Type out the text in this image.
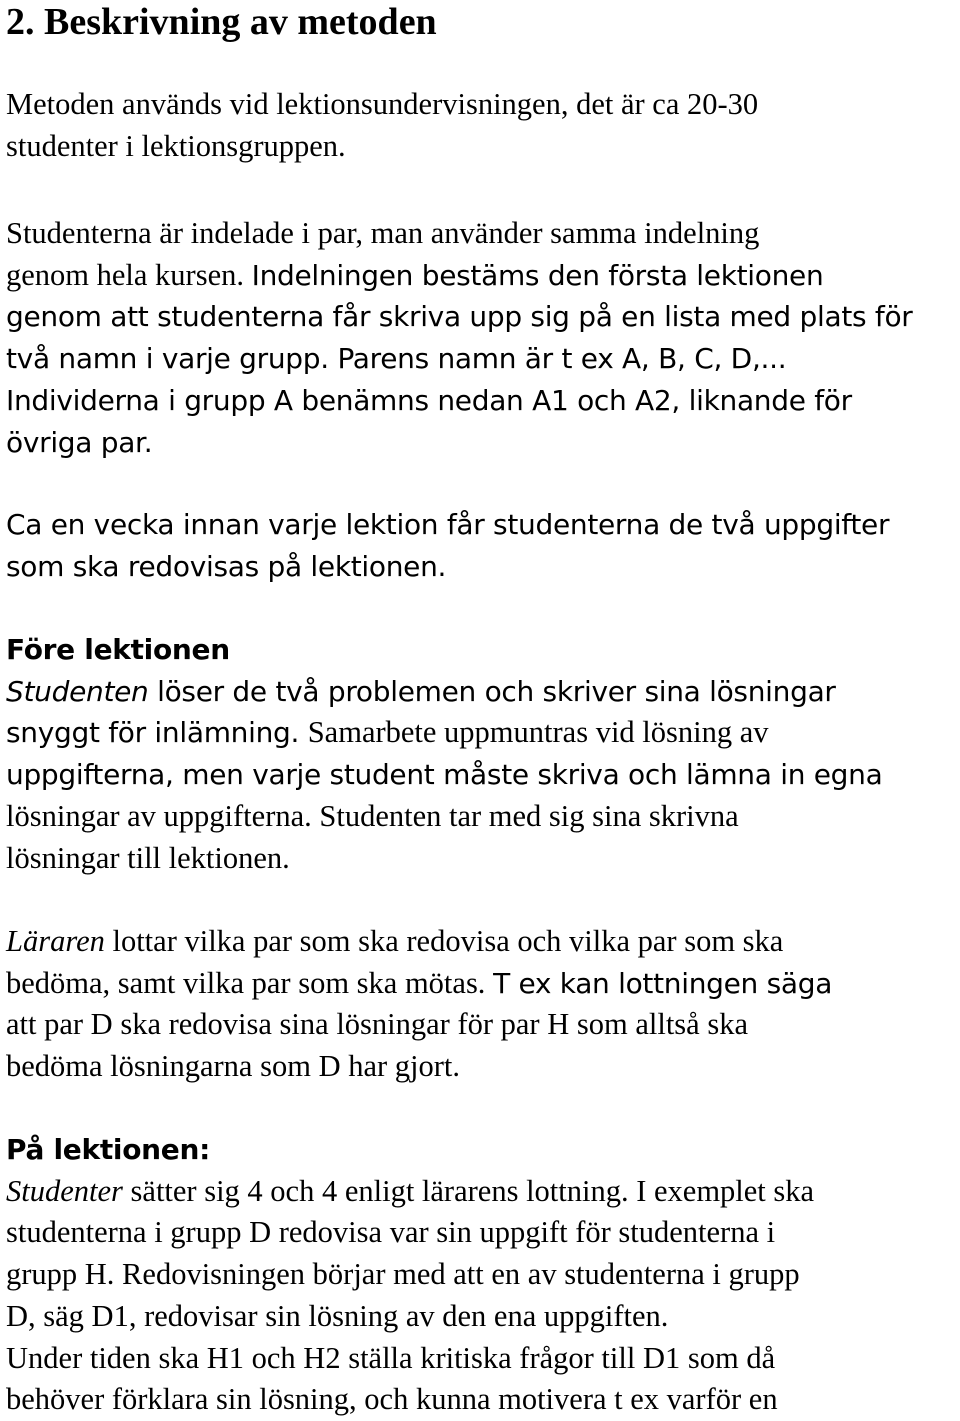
2. Beskrivning av metoden
Metoden används vid lektionsundervisningen, det är ca 20-30
studenter i lektionsgruppen.
Studenterna är indelade i par, man använder samma indelning
genom hela kursen. Indelningen bestäms den första lektionen
genom att studenterna får skriva upp sig på en lista med plats för
två namn i varje grupp. Parens namn är t ex A, B, C, D,...
Individerna i grupp A benämns nedan A1 och A2, liknande för
övriga par.
Ca en vecka innan varje lektion får studenterna de två uppgifter
som ska redovisas på lektionen.
Före lektionen
Studenten löser de två problemen och skriver sina lösningar
snyggt för inlämning. Samarbete uppmuntras vid lösning av
uppgifterna, men varje student måste skriva och lämna in egna
lösningar av uppgifterna. Studenten tar med sig sina skrivna
lösningar till lektionen.
Läraren lottar vilka par som ska redovisa och vilka par som ska
bedöma, samt vilka par som ska mötas. T ex kan lottningen säga
att par D ska redovisa sina lösningar för par H som alltså ska
bedöma lösningarna som D har gjort.
På lektionen:
Studenter sätter sig 4 och 4 enligt lärarens lottning. I exemplet ska
studenterna i grupp D redovisa var sin uppgift för studenterna i
grupp H. Redovisningen börjar med att en av studenterna i grupp
D, säg D1, redovisar sin lösning av den ena uppgiften.
Under tiden ska H1 och H2 ställa kritiska frågor till D1 som då
behöver förklara sin lösning, och kunna motivera t ex varför en
